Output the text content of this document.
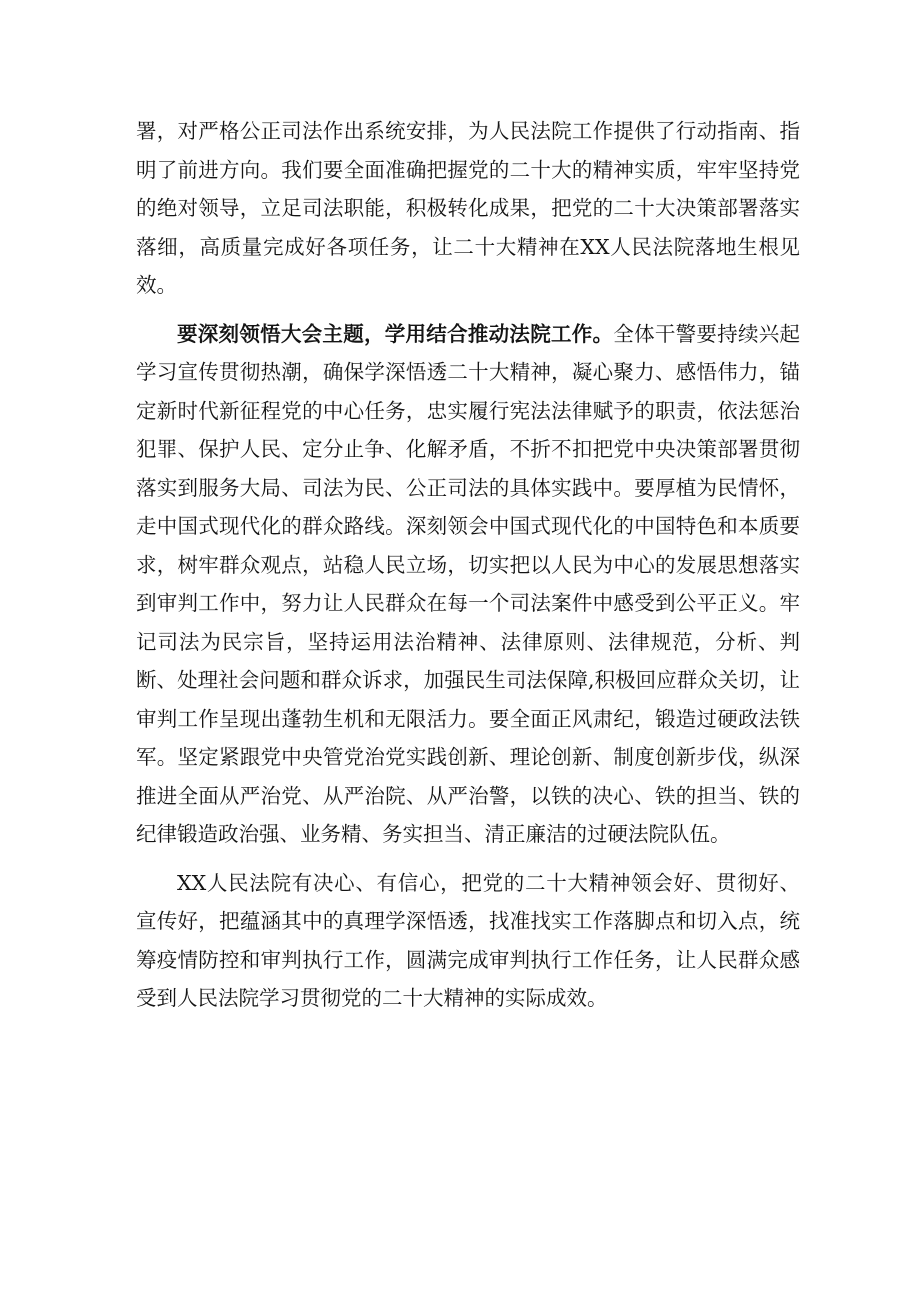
署，对严格公正司法作出系统安排，为人民法院工作提供了行动指南、指明了前进方向。我们要全面准确把握党的二十大的精神实质，牢牢坚持党的绝对领导，立足司法职能，积极转化成果，把党的二十大决策部署落实落细，高质量完成好各项任务，让二十大精神在XX人民法院落地生根见效。

要深刻领悟大会主题，学用结合推动法院工作。全体干警要持续兴起学习宣传贯彻热潮，确保学深悟透二十大精神，凝心聚力、感悟伟力，锚定新时代新征程党的中心任务，忠实履行宪法法律赋予的职责，依法惩治犯罪、保护人民、定分止争、化解矛盾，不折不扣把党中央决策部署贯彻落实到服务大局、司法为民、公正司法的具体实践中。要厚植为民情怀，走中国式现代化的群众路线。深刻领会中国式现代化的中国特色和本质要求，树牢群众观点，站稳人民立场，切实把以人民为中心的发展思想落实到审判工作中，努力让人民群众在每一个司法案件中感受到公平正义。牢记司法为民宗旨，坚持运用法治精神、法律原则、法律规范，分析、判断、处理社会问题和群众诉求，加强民生司法保障,积极回应群众关切，让审判工作呈现出蓬勃生机和无限活力。要全面正风肃纪，锻造过硬政法铁军。坚定紧跟党中央管党治党实践创新、理论创新、制度创新步伐，纵深推进全面从严治党、从严治院、从严治警，以铁的决心、铁的担当、铁的纪律锻造政治强、业务精、务实担当、清正廉洁的过硬法院队伍。

XX人民法院有决心、有信心，把党的二十大精神领会好、贯彻好、宣传好，把蕴涵其中的真理学深悟透，找准找实工作落脚点和切入点，统筹疫情防控和审判执行工作，圆满完成审判执行工作任务，让人民群众感受到人民法院学习贯彻党的二十大精神的实际成效。
